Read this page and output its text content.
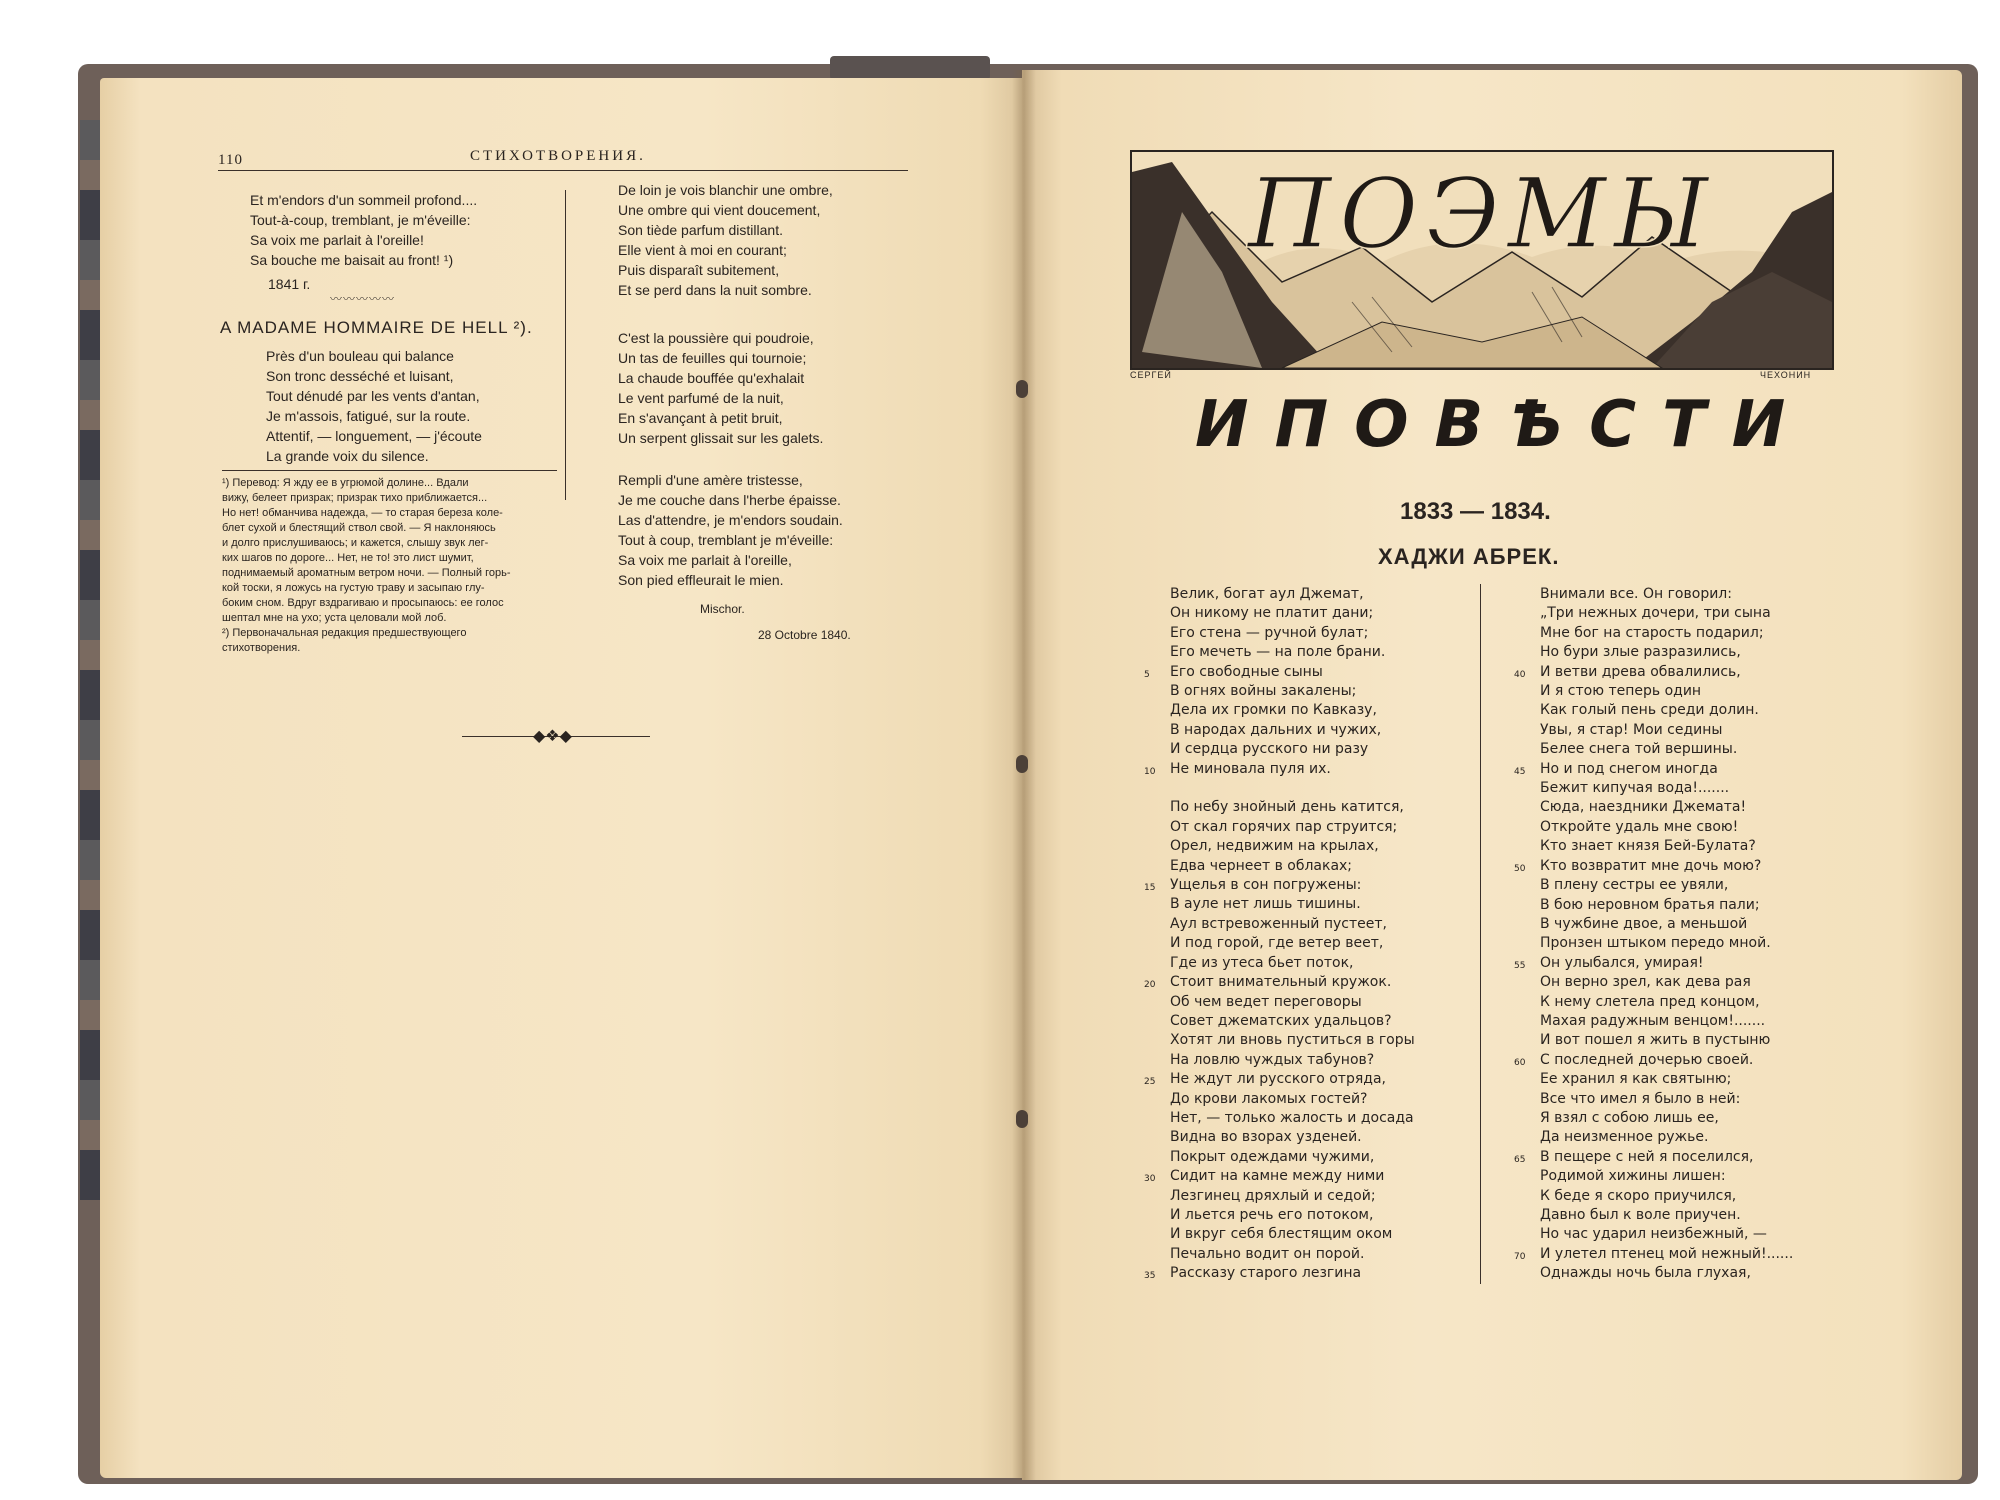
110	СТИХОТВОРЕНИЯ.
Et m'endors d'un sommeil profond....
Tout-à-coup, tremblant, je m'éveille:
Sa voix me parlait à l'oreille!
Sa bouche me baisait au front! ¹)
1841 г.
〰〰〰〰〰
A MADAME HOMMAIRE DE HELL ²).
Près d'un bouleau qui balance
Son tronc desséché et luisant,
Tout dénudé par les vents d'antan,
Je m'assois, fatigué, sur la route.
Attentif, — longuement, — j'écoute
La grande voix du silence.
¹) Перевод: Я жду ее в угрюмой долине... Вдали
вижу, белеет призрак; призрак тихо приближается...
Но нет! обманчива надежда, — то старая береза коле-
блет сухой и блестящий ствол свой. — Я наклоняюсь
и долго прислушиваюсь; и кажется, слышу звук лег-
ких шагов по дороге... Нет, не то! это лист шумит,
поднимаемый ароматным ветром ночи. — Полный горь-
кой тоски, я ложусь на густую траву и засыпаю глу-
боким сном. Вдруг вздрагиваю и просыпаюсь: ее голос
шептал мне на ухо; уста целовали мой лоб.
²) Первоначальная редакция предшествующего
стихотворения.
De loin je vois blanchir une ombre,
Une ombre qui vient doucement,
Son tiède parfum distillant.
Elle vient à moi en courant;
Puis disparaît subitement,
Et se perd dans la nuit sombre.
C'est la poussière qui poudroie,
Un tas de feuilles qui tournoie;
La chaude bouffée qu'exhalait
Le vent parfumé de la nuit,
En s'avançant à petit bruit,
Un serpent glissait sur les galets.
Rempli d'une amère tristesse,
Je me couche dans l'herbe épaisse.
Las d'attendre, je m'endors soudain.
Tout à coup, tremblant je m'éveille:
Sa voix me parlait à l'oreille,
Son pied effleurait le mien.
Mischor.
28 Octobre 1840.
◆❖◆
ПОЭМЫ
СЕРГЕЙ	ЧЕХОНИН
ИПОВѢСТИ
1833 — 1834.
ХАДЖИ АБРЕК.
Велик, богат аул Джемат,
Он никому не платит дани;
Его стена — ручной булат;
Его мечеть — на поле брани.
5 Его свободные сыны
В огнях войны закалены;
Дела их громки по Кавказу,
В народах дальних и чужих,
И сердца русского ни разу
10 Не миновала пуля их.
По небу знойный день катится,
От скал горячих пар струится;
Орел, недвижим на крылах,
Едва чернеет в облаках;
15 Ущелья в сон погружены:
В ауле нет лишь тишины.
Аул встревоженный пустеет,
И под горой, где ветер веет,
Где из утеса бьет поток,
20 Стоит внимательный кружок.
Об чем ведет переговоры
Совет джематских удальцов?
Хотят ли вновь пуститься в горы
На ловлю чуждых табунов?
25 Не ждут ли русского отряда,
До крови лакомых гостей?
Нет, — только жалость и досада
Видна во взорах узденей.
Покрыт одеждами чужими,
30 Сидит на камне между ними
Лезгинец дряхлый и седой;
И льется речь его потоком,
И вкруг себя блестящим оком
Печально водит он порой.
35 Рассказу старого лезгина
Внимали все. Он говорил:
„Три нежных дочери, три сына
Мне бог на старость подарил;
Но бури злые разразились,
40 И ветви древа обвалились,
И я стою теперь один
Как голый пень среди долин.
Увы, я стар! Мои седины
Белее снега той вершины.
45 Но и под снегом иногда
Бежит кипучая вода!.......
Сюда, наездники Джемата!
Откройте удаль мне свою!
Кто знает князя Бей-Булата?
50 Кто возвратит мне дочь мою?
В плену сестры ее увяли,
В бою неровном братья пали;
В чужбине двое, а меньшой
Пронзен штыком передо мной.
55 Он улыбался, умирая!
Он верно зрел, как дева рая
К нему слетела пред концом,
Махая радужным венцом!.......
И вот пошел я жить в пустыню
60 С последней дочерью своей.
Ее хранил я как святыню;
Все что имел я было в ней:
Я взял с собою лишь ее,
Да неизменное ружье.
65 В пещере с ней я поселился,
Родимой хижины лишен:
К беде я скоро приучился,
Давно был к воле приучен.
Но час ударил неизбежный, —
70 И улетел птенец мой нежный!......
Однажды ночь была глухая,
